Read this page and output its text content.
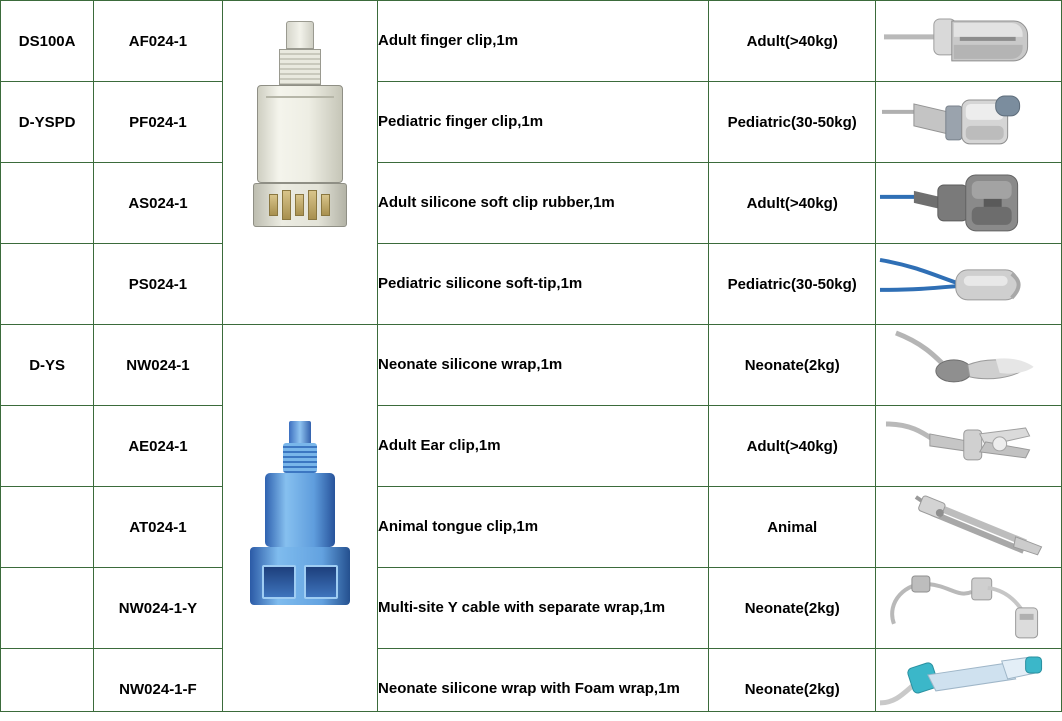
DS100A	AF024-1		Adult finger clip,1m	Adult(>40kg)	

D-YSPD	PF024-1		Pediatric finger clip,1m	Pediatric(30-50kg)	

	AS024-1		Adult silicone soft clip rubber,1m	Adult(>40kg)	

	PS024-1		Pediatric silicone soft-tip,1m	Pediatric(30-50kg)	

D-YS	NW024-1		Neonate silicone wrap,1m	Neonate(2kg)	

	AE024-1		Adult Ear clip,1m	Adult(>40kg)	

	AT024-1		Animal tongue clip,1m	Animal	

	NW024-1-Y		Multi-site Y cable with separate wrap,1m	Neonate(2kg)	

	NW024-1-F		Neonate silicone wrap with Foam wrap,1m	Neonate(2kg)	
